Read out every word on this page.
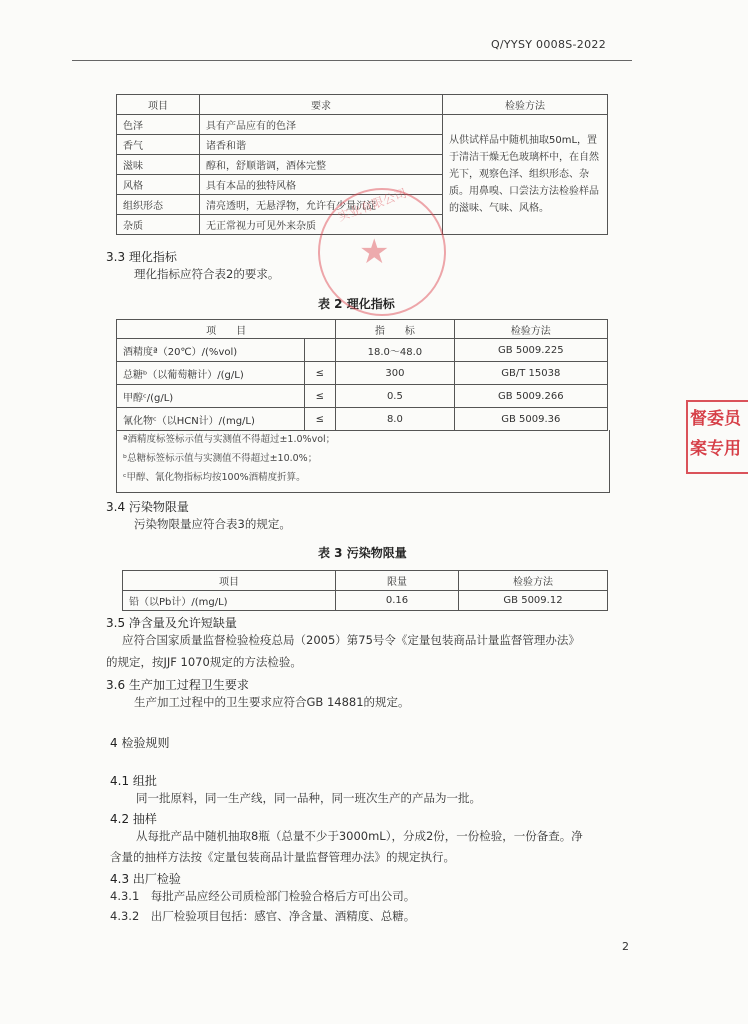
Q/YYSY 0008S-2022
项目	要求	检验方法
色泽	具有产品应有的色泽	从供试样品中随机抽取50mL，置于清洁干燥无色玻璃杯中，在自然光下，观察色泽、组织形态、杂质。用鼻嗅、口尝法方法检验样品的滋味、气味、风格。
香气	诸香和谐	
滋味	醇和，舒顺谐调，酒体完整	
风格	具有本品的独特风格	
组织形态	清亮透明，无悬浮物，允许有少量沉淀	
杂质	无正常视力可见外来杂质	
3.3 理化指标
理化指标应符合表2的要求。
表 2 理化指标
项　　目		指　　标	检验方法
酒精度ª（20℃）/(%vol)		18.0～48.0	GB 5009.225
总糖ᵇ（以葡萄糖计）/(g/L)	≤	300	GB/T 15038
甲醇ᶜ/(g/L)	≤	0.5	GB 5009.266
氰化物ᶜ（以HCN计）/(mg/L)	≤	8.0	GB 5009.36
ª酒精度标签标示值与实测值不得超过±1.0%vol；
ᵇ总糖标签标示值与实测值不得超过±10.0%；
ᶜ甲醇、氰化物指标均按100%酒精度折算。
3.4 污染物限量
污染物限量应符合表3的规定。
表 3 污染物限量
项目	限量	检验方法
铅（以Pb计）/(mg/L)	0.16	GB 5009.12
3.5 净含量及允许短缺量
应符合国家质量监督检验检疫总局（2005）第75号令《定量包装商品计量监督管理办法》
的规定，按JJF 1070规定的方法检验。
3.6 生产加工过程卫生要求
生产加工过程中的卫生要求应符合GB 14881的规定。
4 检验规则
4.1 组批
同一批原料，同一生产线，同一品种，同一班次生产的产品为一批。
4.2 抽样
从每批产品中随机抽取8瓶（总量不少于3000mL），分成2份，一份检验，一份备查。净
含量的抽样方法按《定量包装商品计量监督管理办法》的规定执行。
4.3 出厂检验
4.3.1　每批产品应经公司质检部门检验合格后方可出公司。
4.3.2　出厂检验项目包括：感官、净含量、酒精度、总糖。
★
实业有限公司
督委员
案专用
2
